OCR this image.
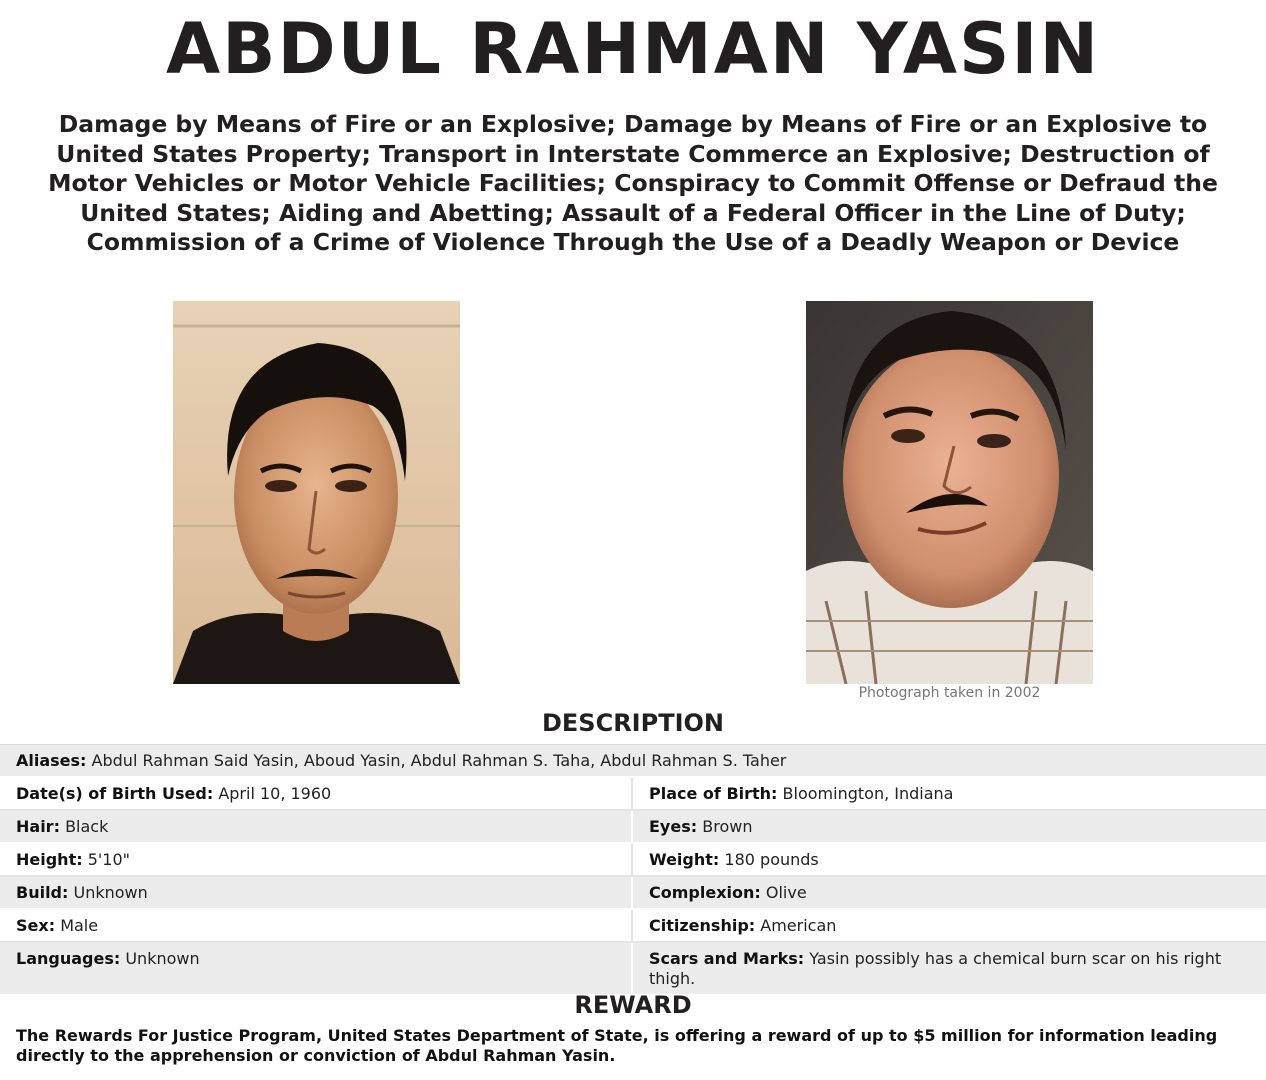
ABDUL RAHMAN YASIN
Damage by Means of Fire or an Explosive; Damage by Means of Fire or an Explosive to United States Property; Transport in Interstate Commerce an Explosive; Destruction of Motor Vehicles or Motor Vehicle Facilities; Conspiracy to Commit Offense or Defraud the United States; Aiding and Abetting; Assault of a Federal Officer in the Line of Duty; Commission of a Crime of Violence Through the Use of a Deadly Weapon or Device
Photograph taken in 2002
DESCRIPTION
Aliases: Abdul Rahman Said Yasin, Aboud Yasin, Abdul Rahman S. Taha, Abdul Rahman S. Taher
Date(s) of Birth Used: April 10, 1960	Place of Birth: Bloomington, Indiana
Hair: Black	Eyes: Brown
Height: 5'10"	Weight: 180 pounds
Build: Unknown	Complexion: Olive
Sex: Male	Citizenship: American
Languages: Unknown	Scars and Marks: Yasin possibly has a chemical burn scar on his right thigh.
REWARD
The Rewards For Justice Program, United States Department of State, is offering a reward of up to $5 million for information leading directly to the apprehension or conviction of Abdul Rahman Yasin.
